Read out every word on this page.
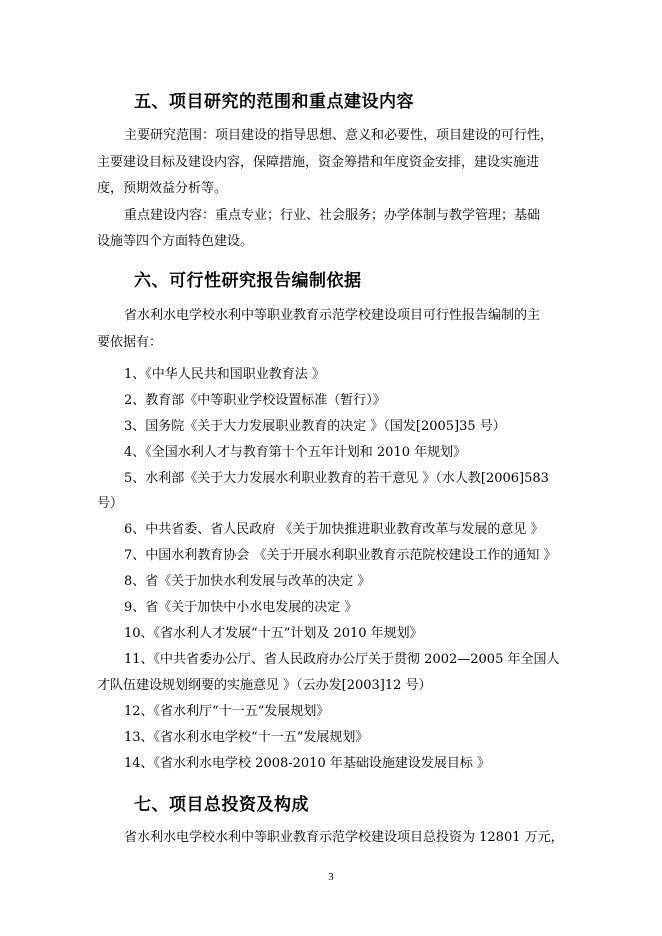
五、项目研究的范围和重点建设内容
主要研究范围：项目建设的指导思想、意义和必要性，项目建设的可行性，
主要建设目标及建设内容，保障措施，资金筹措和年度资金安排，建设实施进
度，预期效益分析等。
重点建设内容：重点专业；行业、社会服务；办学体制与教学管理；基础
设施等四个方面特色建设。
六、可行性研究报告编制依据
省水利水电学校水利中等职业教育示范学校建设项目可行性报告编制的主
要依据有：
1、《中华人民共和国职业教育法 》
2、教育部《中等职业学校设置标准（暂行）》
3、国务院《关于大力发展职业教育的决定 》（国发[2005]35 号）
4、《全国水利人才与教育第十个五年计划和 2010 年规划》
5、水利部《关于大力发展水利职业教育的若干意见 》（水人教[2006]583
号）
6、中共省委、省人民政府 《关于加快推进职业教育改革与发展的意见 》
7、中国水利教育协会 《关于开展水利职业教育示范院校建设工作的通知 》
8、省《关于加快水利发展与改革的决定 》
9、省《关于加快中小水电发展的决定 》
10、《省水利人才发展“十五”计划及 2010 年规划》
11、《中共省委办公厅、省人民政府办公厅关于贯彻 2002—2005 年全国人
才队伍建设规划纲要的实施意见 》（云办发[2003]12 号）
12、《省水利厅“十一五”发展规划》
13、《省水利水电学校“十一五”发展规划》
14、《省水利水电学校 2008-2010 年基础设施建设发展目标 》
七、项目总投资及构成
省水利水电学校水利中等职业教育示范学校建设项目总投资为 12801 万元，
3
